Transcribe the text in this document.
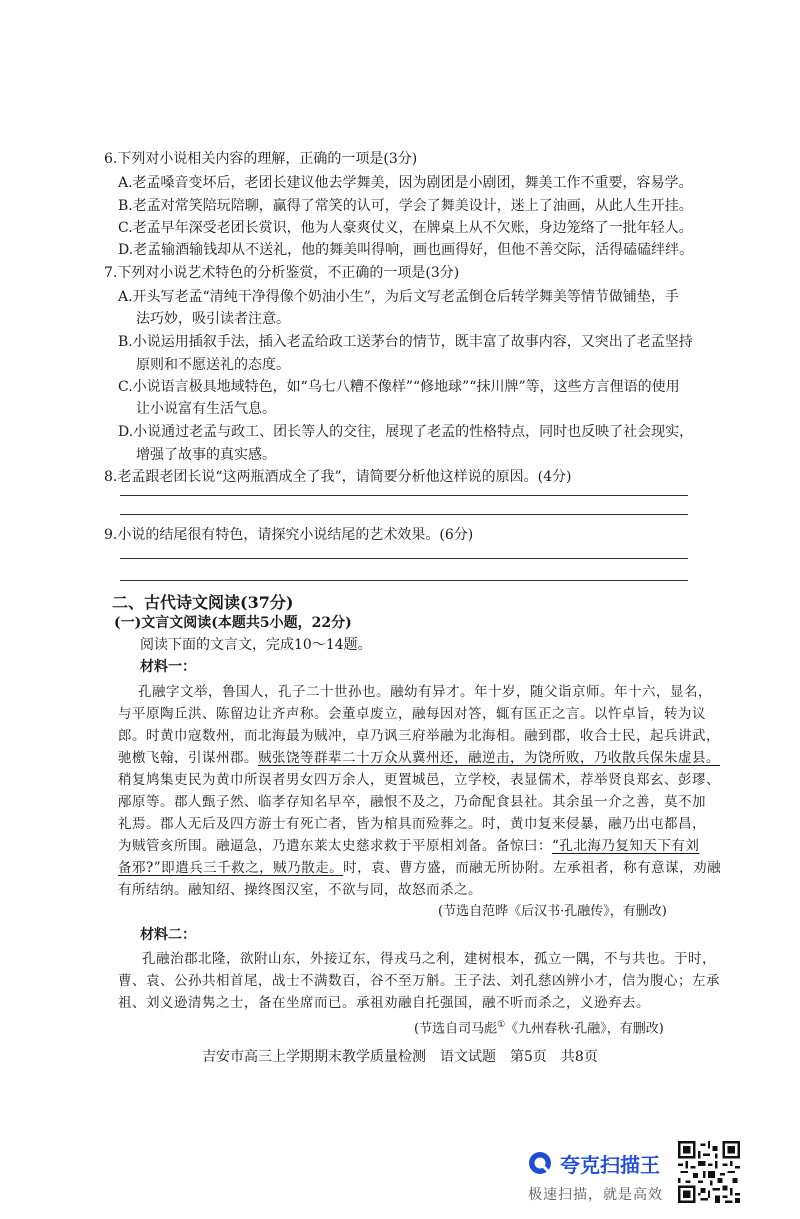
6.下列对小说相关内容的理解，正确的一项是(3分)
A.老孟嗓音变坏后，老团长建议他去学舞美，因为剧团是小剧团，舞美工作不重要，容易学。
B.老孟对常笑陪玩陪聊，赢得了常笑的认可，学会了舞美设计，迷上了油画，从此人生开挂。
C.老孟早年深受老团长赏识，他为人豪爽仗义，在牌桌上从不欠账，身边笼络了一批年轻人。
D.老孟输酒输钱却从不送礼，他的舞美叫得响，画也画得好，但他不善交际，活得磕磕绊绊。
7.下列对小说艺术特色的分析鉴赏，不正确的一项是(3分)
A.开头写老孟“清纯干净得像个奶油小生”，为后文写老孟倒仓后转学舞美等情节做铺垫，手
法巧妙，吸引读者注意。
B.小说运用插叙手法，插入老孟给政工送茅台的情节，既丰富了故事内容，又突出了老孟坚持
原则和不愿送礼的态度。
C.小说语言极具地域特色，如“乌七八糟不像样”“修地球”“抹川牌”等，这些方言俚语的使用
让小说富有生活气息。
D.小说通过老孟与政工、团长等人的交往，展现了老孟的性格特点，同时也反映了社会现实，
增强了故事的真实感。
8.老孟跟老团长说“这两瓶酒成全了我”，请简要分析他这样说的原因。(4分)
9.小说的结尾很有特色，请探究小说结尾的艺术效果。(6分)
二、古代诗文阅读(37分)
(一)文言文阅读(本题共5小题，22分)
阅读下面的文言文，完成10～14题。
材料一：
孔融字文举，鲁国人，孔子二十世孙也。融幼有异才。年十岁，随父诣京师。年十六，显名，
与平原陶丘洪、陈留边让齐声称。会董卓废立，融每因对答，辄有匡正之言。以忤卓旨，转为议
郎。时黄巾寇数州，而北海最为贼冲，卓乃讽三府举融为北海相。融到郡，收合士民，起兵讲武，
驰檄飞翰，引谋州郡。贼张饶等群辈二十万众从冀州还，融逆击，为饶所败，乃收散兵保朱虚县。
稍复鸠集吏民为黄巾所误者男女四万余人，更置城邑，立学校，表显儒术，荐举贤良郑玄、彭璆、
邴原等。郡人甄子然、临孝存知名早卒，融恨不及之，乃命配食县社。其余虽一介之善，莫不加
礼焉。郡人无后及四方游士有死亡者，皆为棺具而殓葬之。时，黄巾复来侵暴，融乃出屯都昌，
为贼管亥所围。融逼急，乃遣东莱太史慈求救于平原相刘备。备惊曰：“孔北海乃复知天下有刘
备邪?”即遣兵三千救之，贼乃散走。时，袁、曹方盛，而融无所协附。左承祖者，称有意谋，劝融
有所结纳。融知绍、操终图汉室，不欲与同，故怒而杀之。
(节选自范晔《后汉书·孔融传》，有删改)
材料二：
孔融治郡北隆，欲附山东，外接辽东，得戎马之利，建树根本，孤立一隅，不与共也。于时，
曹、袁、公孙共相首尾，战士不满数百，谷不至万斛。王子法、刘孔慈凶辨小才，信为腹心；左承
祖、刘义逊清隽之士，备在坐席而已。承祖劝融自托强国，融不听而杀之，义逊弃去。
(节选自司马彪①《九州春秋·孔融》，有删改)
吉安市高三上学期期末教学质量检测　语文试题　第5页　共8页
夸克扫描王
极速扫描，就是高效
